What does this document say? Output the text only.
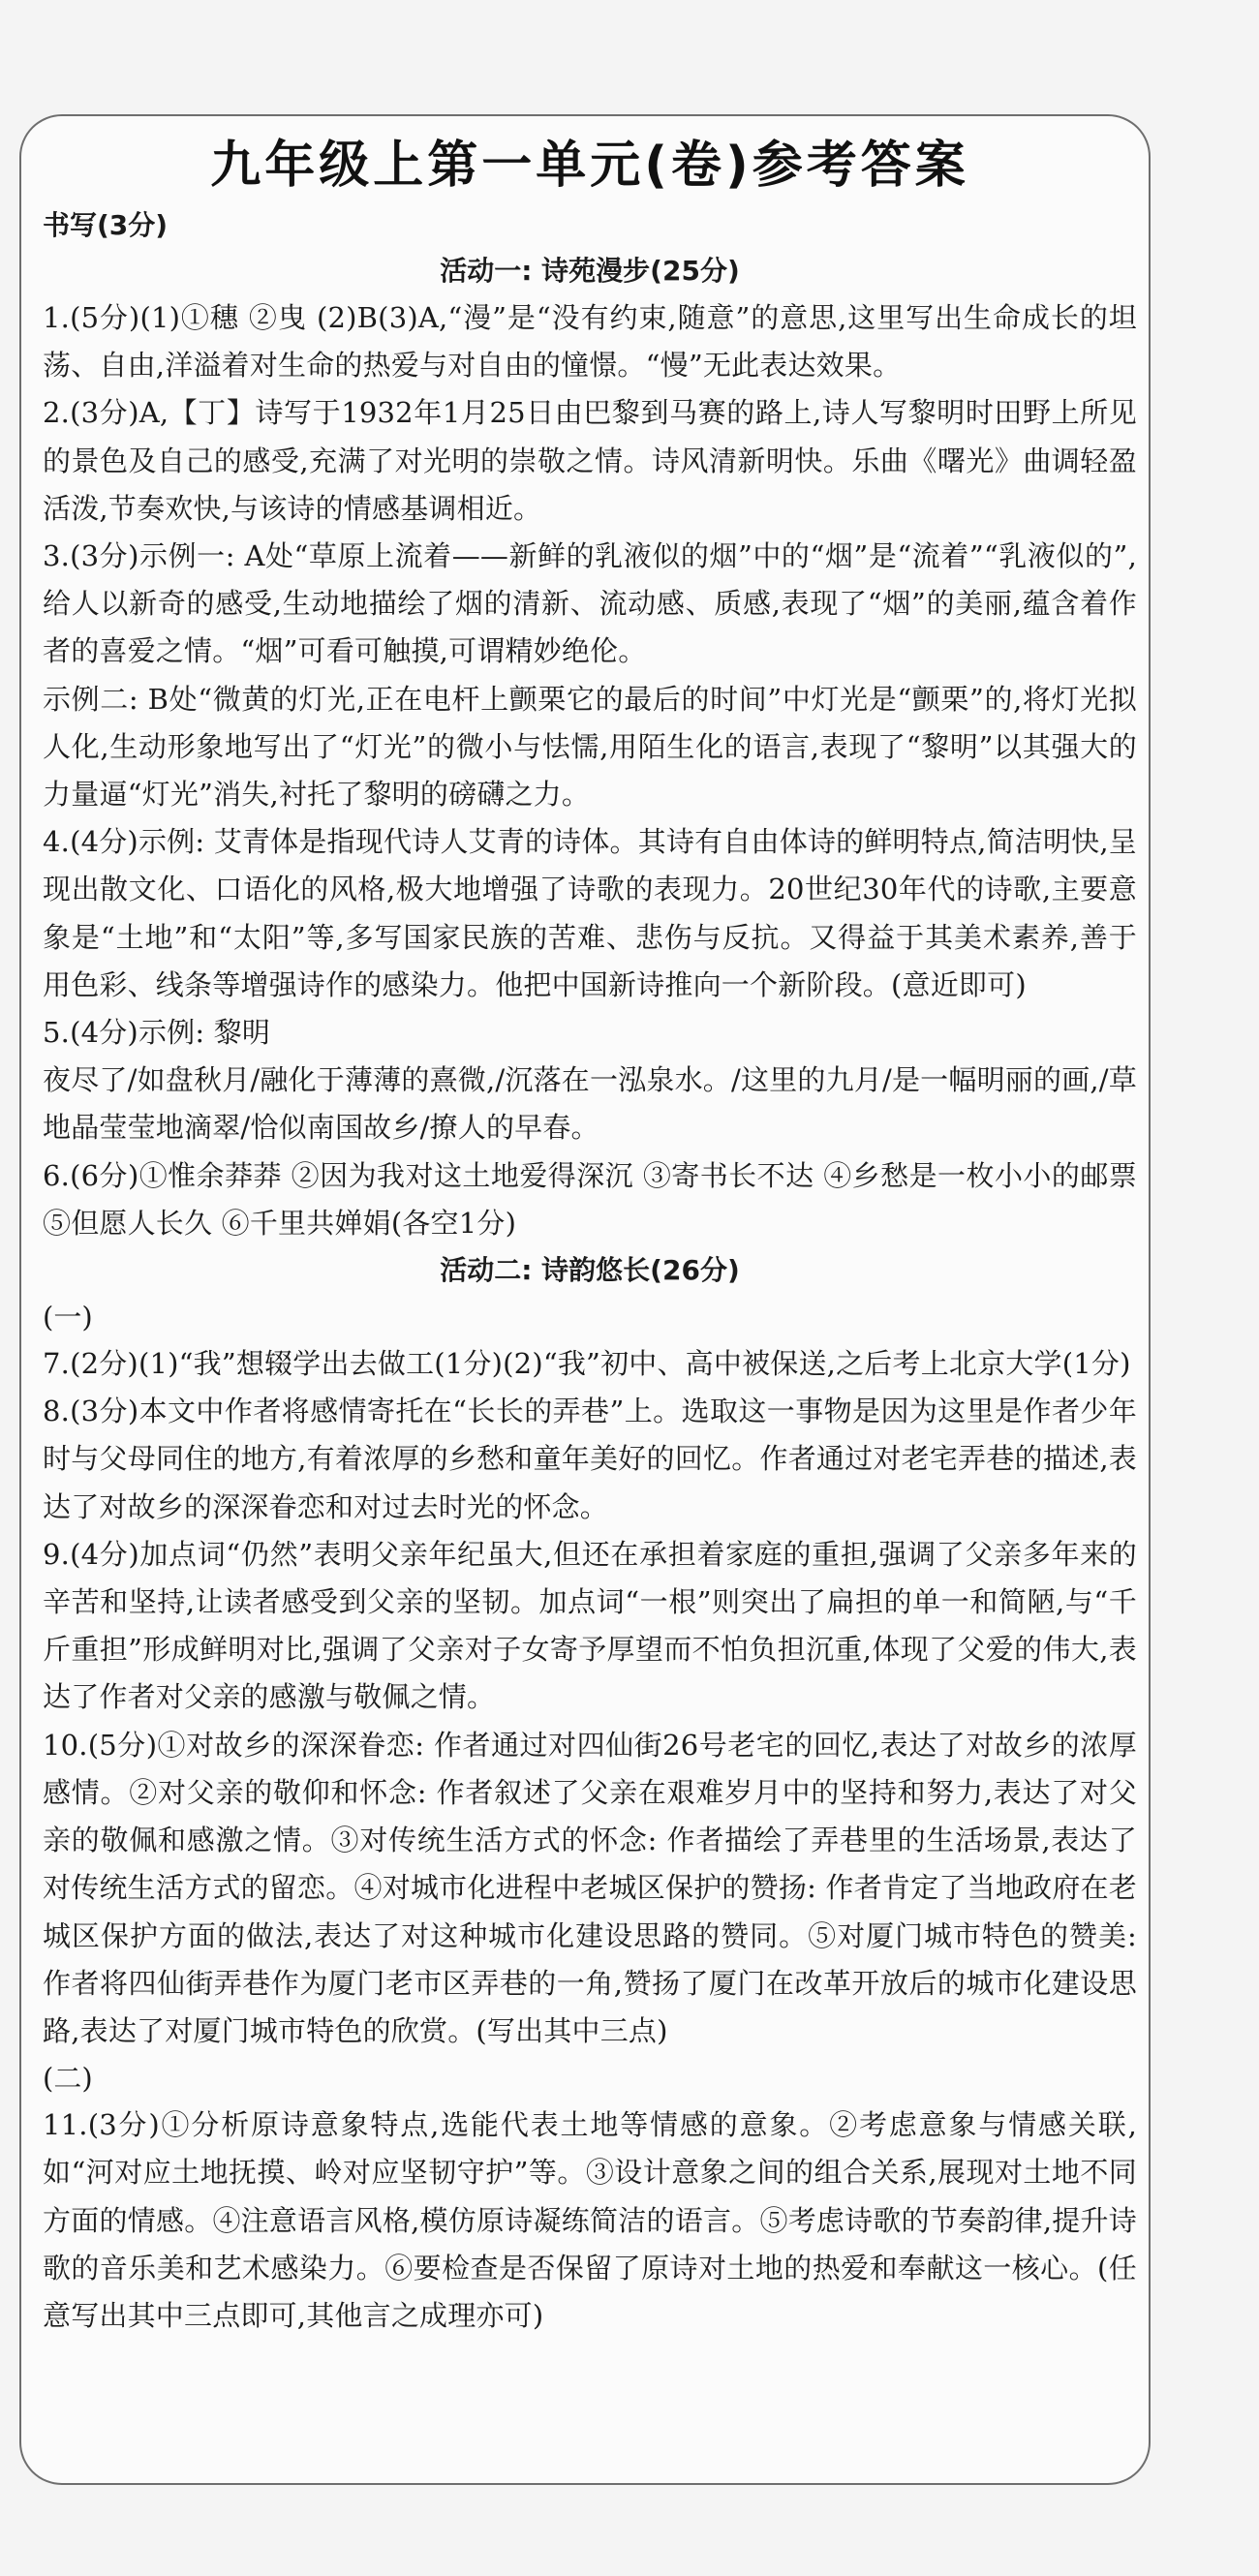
九年级上第一单元(卷)参考答案
书写(3分)
活动一: 诗苑漫步(25分)

1.(5分)(1)①穗 ②曳 (2)B(3)A,“漫”是“没有约束,随意”的意思,这里写出生命成长的坦荡、自由,洋溢着对生命的热爱与对自由的憧憬。“慢”无此表达效果。

2.(3分)A,【丁】诗写于1932年1月25日由巴黎到马赛的路上,诗人写黎明时田野上所见的景色及自己的感受,充满了对光明的崇敬之情。诗风清新明快。乐曲《曙光》曲调轻盈活泼,节奏欢快,与该诗的情感基调相近。

3.(3分)示例一: A处“草原上流着——新鲜的乳液似的烟”中的“烟”是“流着”“乳液似的”,给人以新奇的感受,生动地描绘了烟的清新、流动感、质感,表现了“烟”的美丽,蕴含着作者的喜爱之情。“烟”可看可触摸,可谓精妙绝伦。

示例二: B处“微黄的灯光,正在电杆上颤栗它的最后的时间”中灯光是“颤栗”的,将灯光拟人化,生动形象地写出了“灯光”的微小与怯懦,用陌生化的语言,表现了“黎明”以其强大的力量逼“灯光”消失,衬托了黎明的磅礴之力。

4.(4分)示例: 艾青体是指现代诗人艾青的诗体。其诗有自由体诗的鲜明特点,简洁明快,呈现出散文化、口语化的风格,极大地增强了诗歌的表现力。20世纪30年代的诗歌,主要意象是“土地”和“太阳”等,多写国家民族的苦难、悲伤与反抗。又得益于其美术素养,善于用色彩、线条等增强诗作的感染力。他把中国新诗推向一个新阶段。(意近即可)

5.(4分)示例: 黎明

夜尽了/如盘秋月/融化于薄薄的熹微,/沉落在一泓泉水。/这里的九月/是一幅明丽的画,/草地晶莹莹地滴翠/恰似南国故乡/撩人的早春。

6.(6分)①惟余莽莽 ②因为我对这土地爱得深沉 ③寄书长不达 ④乡愁是一枚小小的邮票 ⑤但愿人长久 ⑥千里共婵娟(各空1分)

活动二: 诗韵悠长(26分)
(一)

7.(2分)(1)“我”想辍学出去做工(1分)(2)“我”初中、高中被保送,之后考上北京大学(1分)

8.(3分)本文中作者将感情寄托在“长长的弄巷”上。选取这一事物是因为这里是作者少年时与父母同住的地方,有着浓厚的乡愁和童年美好的回忆。作者通过对老宅弄巷的描述,表达了对故乡的深深眷恋和对过去时光的怀念。

9.(4分)加点词“仍然”表明父亲年纪虽大,但还在承担着家庭的重担,强调了父亲多年来的辛苦和坚持,让读者感受到父亲的坚韧。加点词“一根”则突出了扁担的单一和简陋,与“千斤重担”形成鲜明对比,强调了父亲对子女寄予厚望而不怕负担沉重,体现了父爱的伟大,表达了作者对父亲的感激与敬佩之情。

10.(5分)①对故乡的深深眷恋: 作者通过对四仙街26号老宅的回忆,表达了对故乡的浓厚感情。②对父亲的敬仰和怀念: 作者叙述了父亲在艰难岁月中的坚持和努力,表达了对父亲的敬佩和感激之情。③对传统生活方式的怀念: 作者描绘了弄巷里的生活场景,表达了对传统生活方式的留恋。④对城市化进程中老城区保护的赞扬: 作者肯定了当地政府在老城区保护方面的做法,表达了对这种城市化建设思路的赞同。⑤对厦门城市特色的赞美: 作者将四仙街弄巷作为厦门老市区弄巷的一角,赞扬了厦门在改革开放后的城市化建设思路,表达了对厦门城市特色的欣赏。(写出其中三点)

(二)

11.(3分)①分析原诗意象特点,选能代表土地等情感的意象。②考虑意象与情感关联,如“河对应土地抚摸、岭对应坚韧守护”等。③设计意象之间的组合关系,展现对土地不同方面的情感。④注意语言风格,模仿原诗凝练简洁的语言。⑤考虑诗歌的节奏韵律,提升诗歌的音乐美和艺术感染力。⑥要检查是否保留了原诗对土地的热爱和奉献这一核心。(任意写出其中三点即可,其他言之成理亦可)
